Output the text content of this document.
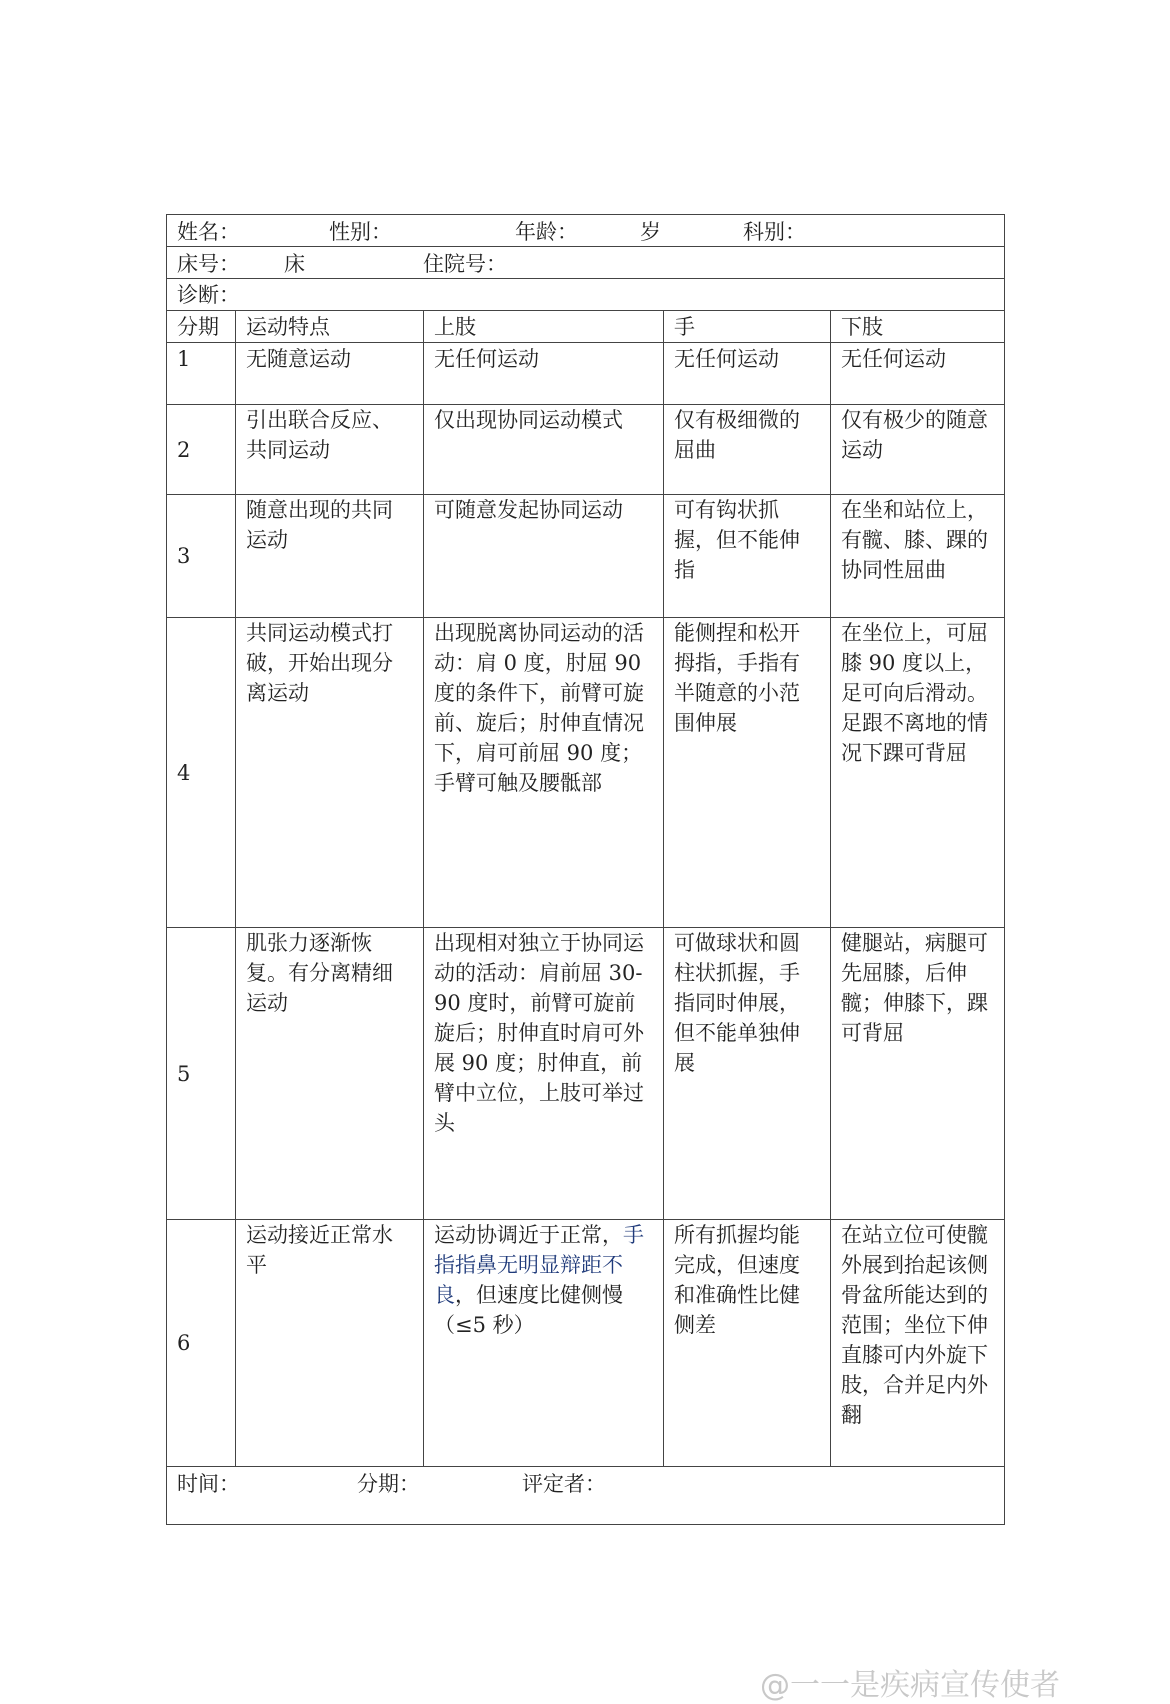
姓名： 性别： 年龄： 岁 科别：				

床号： 床 住院号：				

诊断：				
分期	运动特点	上肢	手	下肢
1	无随意运动	无任何运动	无任何运动	无任何运动
2	引出联合反应、共同运动	仅出现协同运动模式	仅有极细微的屈曲	仅有极少的随意运动
3	随意出现的共同运动	可随意发起协同运动	可有钩状抓握，但不能伸指	在坐和站位上，有髋、膝、踝的协同性屈曲
4	共同运动模式打破，开始出现分离运动	出现脱离协同运动的活动：肩 0 度，肘屈 90 度的条件下，前臂可旋前、旋后；肘伸直情况下，肩可前屈 90 度；手臂可触及腰骶部	能侧捏和松开拇指，手指有半随意的小范围伸展	在坐位上，可屈膝 90 度以上，足可向后滑动。足跟不离地的情况下踝可背屈
5	肌张力逐渐恢复。有分离精细运动	出现相对独立于协同运动的活动：肩前屈 30-90 度时，前臂可旋前旋后；肘伸直时肩可外展 90 度；肘伸直，前臂中立位，上肢可举过头	可做球状和圆柱状抓握，手指同时伸展，但不能单独伸展	健腿站，病腿可先屈膝，后伸髋；伸膝下，踝可背屈
6	运动接近正常水平	运动协调近于正常，手指指鼻无明显辩距不良，但速度比健侧慢（≤5 秒）	所有抓握均能完成，但速度和准确性比健侧差	在站立位可使髋外展到抬起该侧骨盆所能达到的范围；坐位下伸直膝可内外旋下肢，合并足内外翻

时间： 分期： 评定者：				
@一一是疾病宣传使者
